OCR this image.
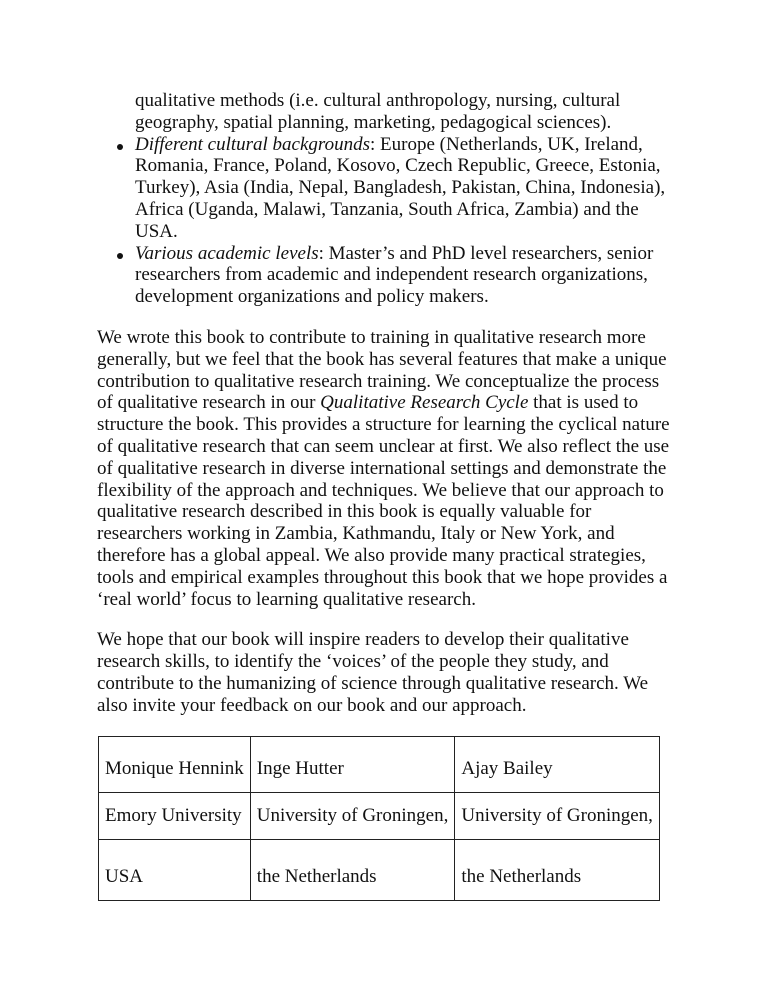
qualitative methods (i.e. cultural anthropology, nursing, cultural geography, spatial planning, marketing, pedagogical sciences).
Different cultural backgrounds: Europe (Netherlands, UK, Ireland, Romania, France, Poland, Kosovo, Czech Republic, Greece, Estonia, Turkey), Asia (India, Nepal, Bangladesh, Pakistan, China, Indonesia), Africa (Uganda, Malawi, Tanzania, South Africa, Zambia) and the USA.
Various academic levels: Master’s and PhD level researchers, senior researchers from academic and independent research organizations, development organizations and policy makers.

We wrote this book to contribute to training in qualitative research more generally, but we feel that the book has several features that make a unique contribution to qualitative research training. We conceptualize the process of qualitative research in our Qualitative Research Cycle that is used to structure the book. This provides a structure for learning the cyclical nature of qualitative research that can seem unclear at first. We also reflect the use of qualitative research in diverse international settings and demonstrate the flexibility of the approach and techniques. We believe that our approach to qualitative research described in this book is equally valuable for researchers working in Zambia, Kathmandu, Italy or New York, and therefore has a global appeal. We also provide many practical strategies, tools and empirical examples throughout this book that we hope provides a ‘real world’ focus to learning qualitative research.

We hope that our book will inspire readers to develop their qualitative research skills, to identify the ‘voices’ of the people they study, and contribute to the humanizing of science through qualitative research. We also invite your feedback on our book and our approach.

Monique Hennink	Inge Hutter	Ajay Bailey
Emory University	University of Groningen,	University of Groningen,
USA	the Netherlands	the Netherlands
